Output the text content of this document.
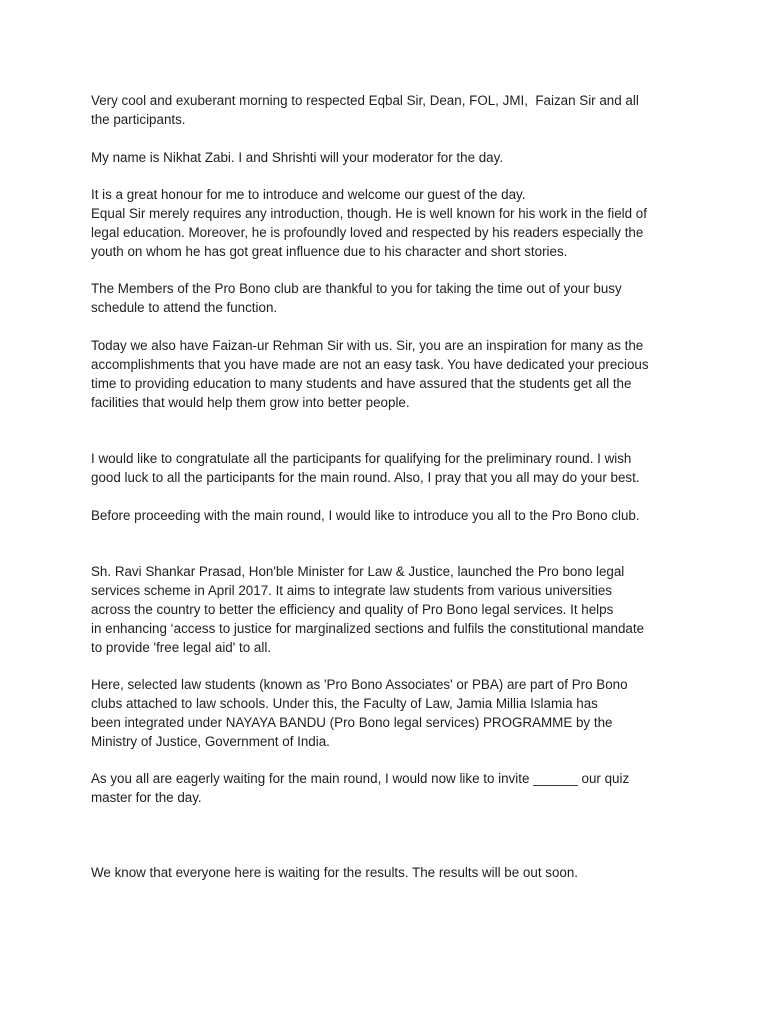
Very cool and exuberant morning to respected Eqbal Sir, Dean, FOL, JMI,  Faizan Sir and all
the participants.

My name is Nikhat Zabi. I and Shrishti will your moderator for the day.

It is a great honour for me to introduce and welcome our guest of the day.
Equal Sir merely requires any introduction, though. He is well known for his work in the field of
legal education. Moreover, he is profoundly loved and respected by his readers especially the
youth on whom he has got great influence due to his character and short stories.

The Members of the Pro Bono club are thankful to you for taking the time out of your busy
schedule to attend the function.

Today we also have Faizan-ur Rehman Sir with us. Sir, you are an inspiration for many as the
accomplishments that you have made are not an easy task. You have dedicated your precious
time to providing education to many students and have assured that the students get all the
facilities that would help them grow into better people.

I would like to congratulate all the participants for qualifying for the preliminary round. I wish
good luck to all the participants for the main round. Also, I pray that you all may do your best.

Before proceeding with the main round, I would like to introduce you all to the Pro Bono club.

Sh. Ravi Shankar Prasad, Hon'ble Minister for Law & Justice, launched the Pro bono legal
services scheme in April 2017. It aims to integrate law students from various universities
across the country to better the efficiency and quality of Pro Bono legal services. It helps
in enhancing ‘access to justice for marginalized sections and fulfils the constitutional mandate
to provide 'free legal aid' to all.

Here, selected law students (known as 'Pro Bono Associates' or PBA) are part of Pro Bono
clubs attached to law schools. Under this, the Faculty of Law, Jamia Millia Islamia has
been integrated under NAYAYA BANDU (Pro Bono legal services) PROGRAMME by the
Ministry of Justice, Government of India.

As you all are eagerly waiting for the main round, I would now like to invite ______ our quiz
master for the day.

We know that everyone here is waiting for the results. The results will be out soon.
